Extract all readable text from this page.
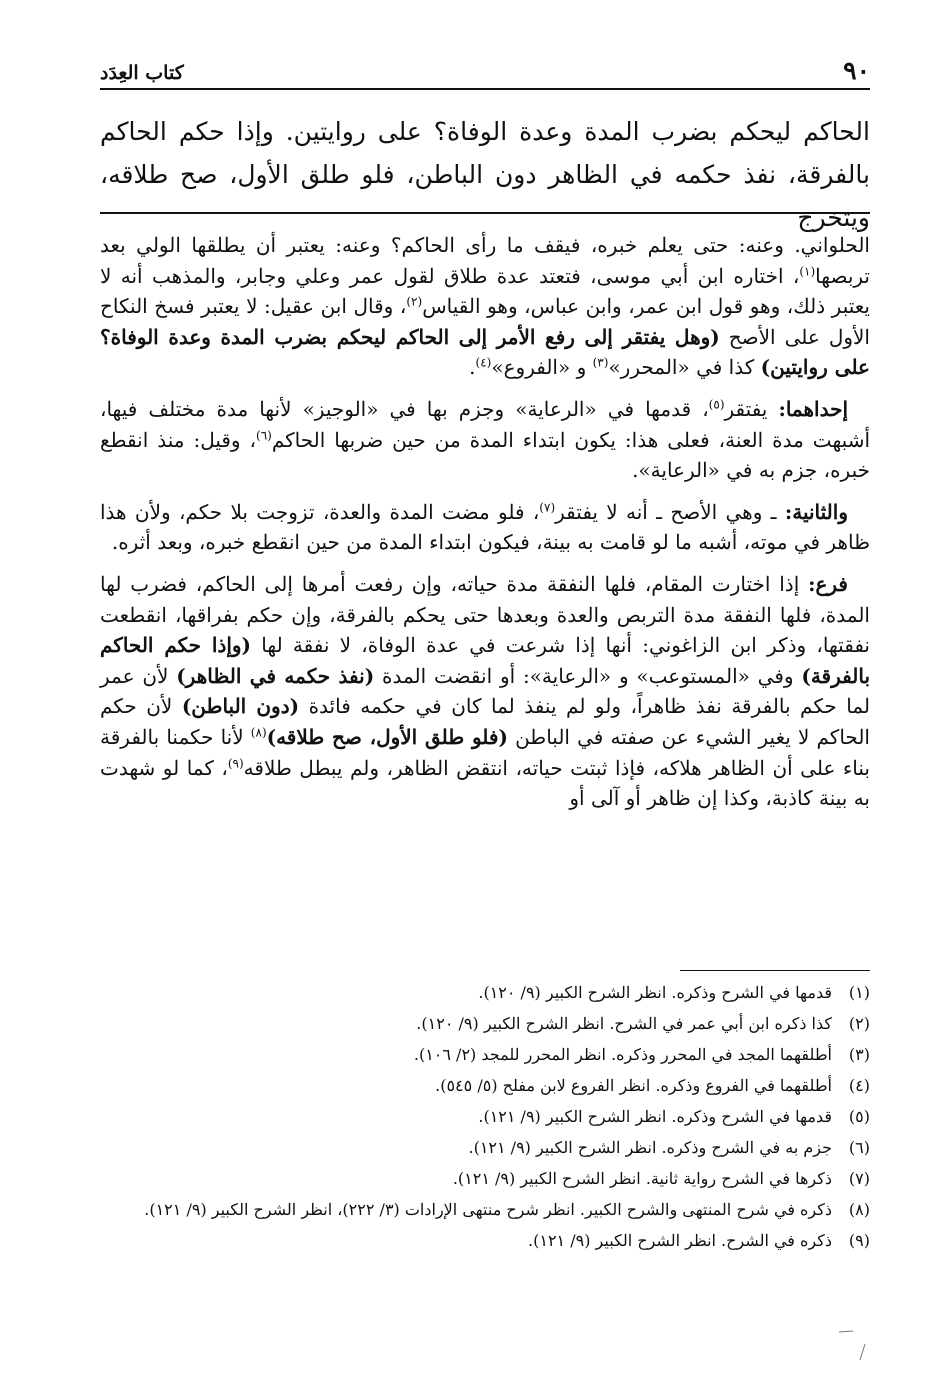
٩٠
كتاب العِدَد
الحاكم ليحكم بضرب المدة وعدة الوفاة؟ على روايتين. وإذا حكم الحاكم بالفرقة، نفذ حكمه في الظاهر دون الباطن، فلو طلق الأول، صح طلاقه، ويتخرج

الحلواني. وعنه: حتى يعلم خبره، فيقف ما رأى الحاكم؟ وعنه: يعتبر أن يطلقها الولي بعد تربصها$^{(١)}$، اختاره ابن أبي موسى، فتعتد عدة طلاق لقول عمر وعلي وجابر، والمذهب أنه لا يعتبر ذلك، وهو قول ابن عمر، وابن عباس، وهو القياس$^{(٢)}$، وقال ابن عقيل: لا يعتبر فسخ النكاح الأول على الأصح (وهل يفتقر إلى رفع الأمر إلى الحاكم ليحكم بضرب المدة وعدة الوفاة؟ على روايتين) كذا في «المحرر»$^{(٣)}$ و «الفروع»$^{(٤)}$.

إحداهما: يفتقر$^{(٥)}$، قدمها في «الرعاية» وجزم بها في «الوجيز» لأنها مدة مختلف فيها، أشبهت مدة العنة، فعلى هذا: يكون ابتداء المدة من حين ضربها الحاكم$^{(٦)}$، وقيل: منذ انقطع خبره، جزم به في «الرعاية».

والثانية: ـ وهي الأصح ـ أنه لا يفتقر$^{(٧)}$، فلو مضت المدة والعدة، تزوجت بلا حكم، ولأن هذا ظاهر في موته، أشبه ما لو قامت به بينة، فيكون ابتداء المدة من حين انقطع خبره، وبعد أثره.

فرع: إذا اختارت المقام، فلها النفقة مدة حياته، وإن رفعت أمرها إلى الحاكم، فضرب لها المدة، فلها النفقة مدة التربص والعدة وبعدها حتى يحكم بالفرقة، وإن حكم بفراقها، انقطعت نفقتها، وذكر ابن الزاغوني: أنها إذا شرعت في عدة الوفاة، لا نفقة لها (وإذا حكم الحاكم بالفرقة) وفي «المستوعب» و «الرعاية»: أو انقضت المدة (نفذ حكمه في الظاهر) لأن عمر لما حكم بالفرقة نفذ ظاهراً، ولو لم ينفذ لما كان في حكمه فائدة (دون الباطن) لأن حكم الحاكم لا يغير الشيء عن صفته في الباطن (فلو طلق الأول، صح طلاقه)$^{(٨)}$ لأنا حكمنا بالفرقة بناء على أن الظاهر هلاكه، فإذا ثبتت حياته، انتقض الظاهر، ولم يبطل طلاقه$^{(٩)}$، كما لو شهدت به بينة كاذبة، وكذا إن ظاهر أو آلى أو

(١)
قدمها في الشرح وذكره. انظر الشرح الكبير (٩/ ١٢٠).
(٢)
كذا ذكره ابن أبي عمر في الشرح. انظر الشرح الكبير (٩/ ١٢٠).
(٣)
أطلقهما المجد في المحرر وذكره. انظر المحرر للمجد (٢/ ١٠٦).
(٤)
أطلقهما في الفروع وذكره. انظر الفروع لابن مفلح (٥/ ٥٤٥).
(٥)
قدمها في الشرح وذكره. انظر الشرح الكبير (٩/ ١٢١).
(٦)
جزم به في الشرح وذكره. انظر الشرح الكبير (٩/ ١٢١).
(٧)
ذكرها في الشرح رواية ثانية. انظر الشرح الكبير (٩/ ١٢١).
(٨)
ذكره في شرح المنتهى والشرح الكبير. انظر شرح منتهى الإرادات (٣/ ٢٢٢)، انظر الشرح الكبير (٩/ ١٢١).
(٩)
ذكره في الشرح. انظر الشرح الكبير (٩/ ١٢١).
